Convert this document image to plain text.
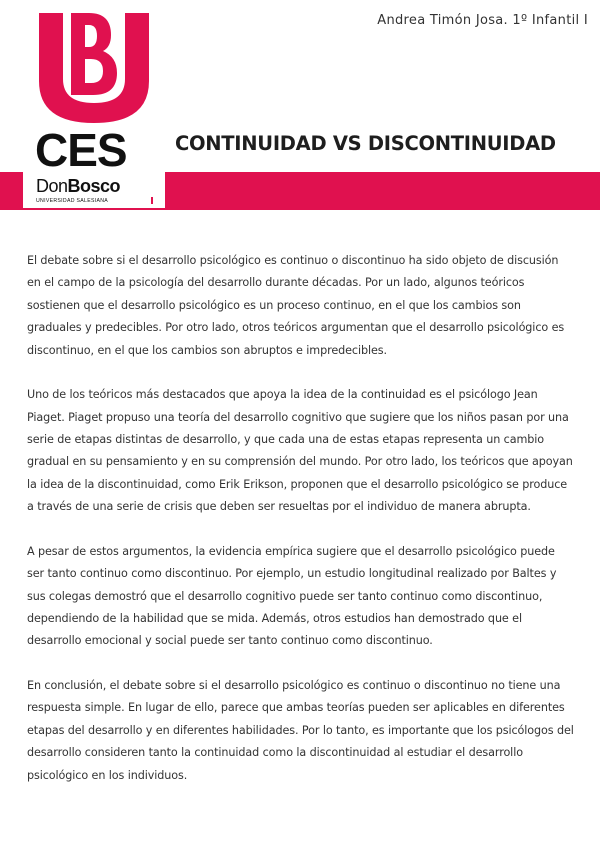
CES
DonBosco
UNIVERSIDAD SALESIANA
Andrea Timón Josa. 1º Infantil I
CONTINUIDAD VS DISCONTINUIDAD

El debate sobre si el desarrollo psicológico es continuo o discontinuo ha sido objeto de discusión en el campo de la psicología del desarrollo durante décadas. Por un lado, algunos teóricos sostienen que el desarrollo psicológico es un proceso continuo, en el que los cambios son graduales y predecibles. Por otro lado, otros teóricos argumentan que el desarrollo psicológico es discontinuo, en el que los cambios son abruptos e impredecibles.

Uno de los teóricos más destacados que apoya la idea de la continuidad es el psicólogo Jean Piaget. Piaget propuso una teoría del desarrollo cognitivo que sugiere que los niños pasan por una serie de etapas distintas de desarrollo, y que cada una de estas etapas representa un cambio gradual en su pensamiento y en su comprensión del mundo. Por otro lado, los teóricos que apoyan la idea de la discontinuidad, como Erik Erikson, proponen que el desarrollo psicológico se produce a través de una serie de crisis que deben ser resueltas por el individuo de manera abrupta.

A pesar de estos argumentos, la evidencia empírica sugiere que el desarrollo psicológico puede ser tanto continuo como discontinuo. Por ejemplo, un estudio longitudinal realizado por Baltes y sus colegas demostró que el desarrollo cognitivo puede ser tanto continuo como discontinuo, dependiendo de la habilidad que se mida. Además, otros estudios han demostrado que el desarrollo emocional y social puede ser tanto continuo como discontinuo.

En conclusión, el debate sobre si el desarrollo psicológico es continuo o discontinuo no tiene una respuesta simple. En lugar de ello, parece que ambas teorías pueden ser aplicables en diferentes etapas del desarrollo y en diferentes habilidades. Por lo tanto, es importante que los psicólogos del desarrollo consideren tanto la continuidad como la discontinuidad al estudiar el desarrollo psicológico en los individuos.
